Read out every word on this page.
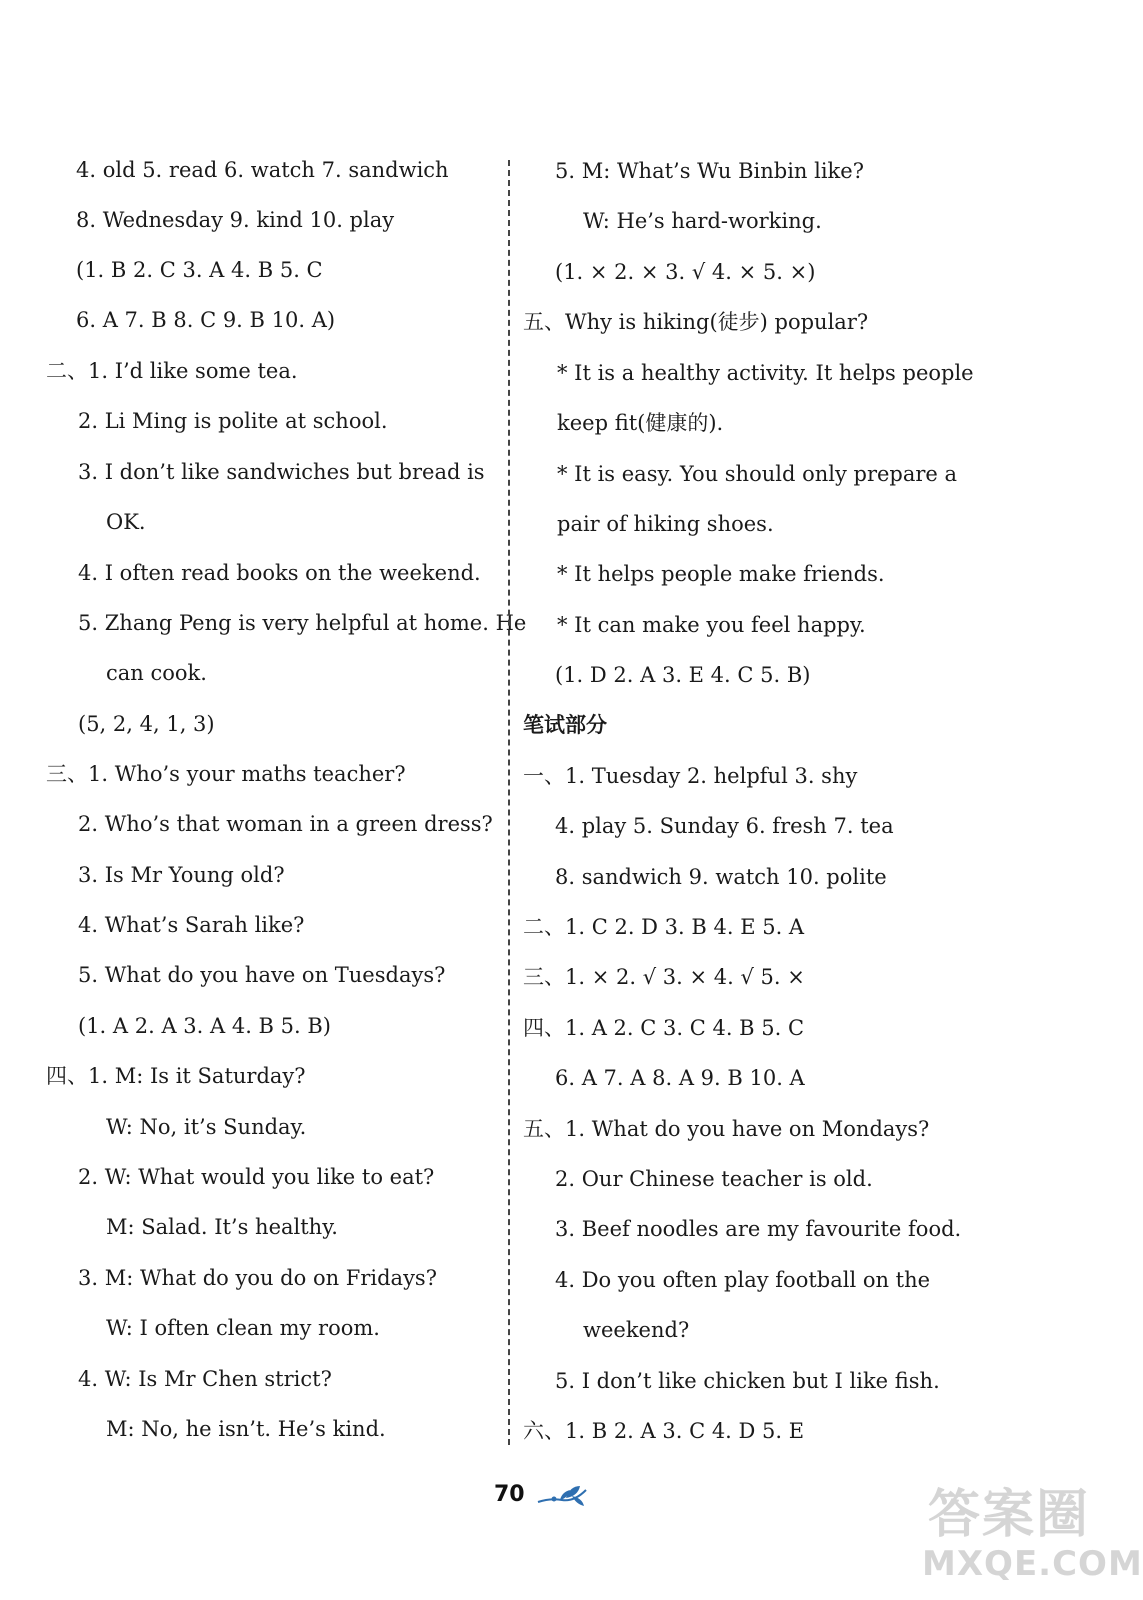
4. old 5. read 6. watch 7. sandwich
8. Wednesday 9. kind 10. play
(1. B 2. C 3. A 4. B 5. C
6. A 7. B 8. C 9. B 10. A)
二、1. I’d like some tea.
2. Li Ming is polite at school.
3. I don’t like sandwiches but bread is
OK.
4. I often read books on the weekend.
5. Zhang Peng is very helpful at home. He
can cook.
(5, 2, 4, 1, 3)
三、1. Who’s your maths teacher?
2. Who’s that woman in a green dress?
3. Is Mr Young old?
4. What’s Sarah like?
5. What do you have on Tuesdays?
(1. A 2. A 3. A 4. B 5. B)
四、1. M: Is it Saturday?
W: No, it’s Sunday.
2. W: What would you like to eat?
M: Salad. It’s healthy.
3. M: What do you do on Fridays?
W: I often clean my room.
4. W: Is Mr Chen strict?
M: No, he isn’t. He’s kind.
5. M: What’s Wu Binbin like?
W: He’s hard-working.
(1. × 2. × 3. √ 4. × 5. ×)
五、Why is hiking(徒步) popular?
* It is a healthy activity. It helps people
keep fit(健康的).
* It is easy. You should only prepare a
pair of hiking shoes.
* It helps people make friends.
* It can make you feel happy.
(1. D 2. A 3. E 4. C 5. B)
笔试部分
一、1. Tuesday 2. helpful 3. shy
4. play 5. Sunday 6. fresh 7. tea
8. sandwich 9. watch 10. polite
二、1. C 2. D 3. B 4. E 5. A
三、1. × 2. √ 3. × 4. √ 5. ×
四、1. A 2. C 3. C 4. B 5. C
6. A 7. A 8. A 9. B 10. A
五、1. What do you have on Mondays?
2. Our Chinese teacher is old.
3. Beef noodles are my favourite food.
4. Do you often play football on the
weekend?
5. I don’t like chicken but I like fish.
六、1. B 2. A 3. C 4. D 5. E
70	答案圈
MXQE.COM
